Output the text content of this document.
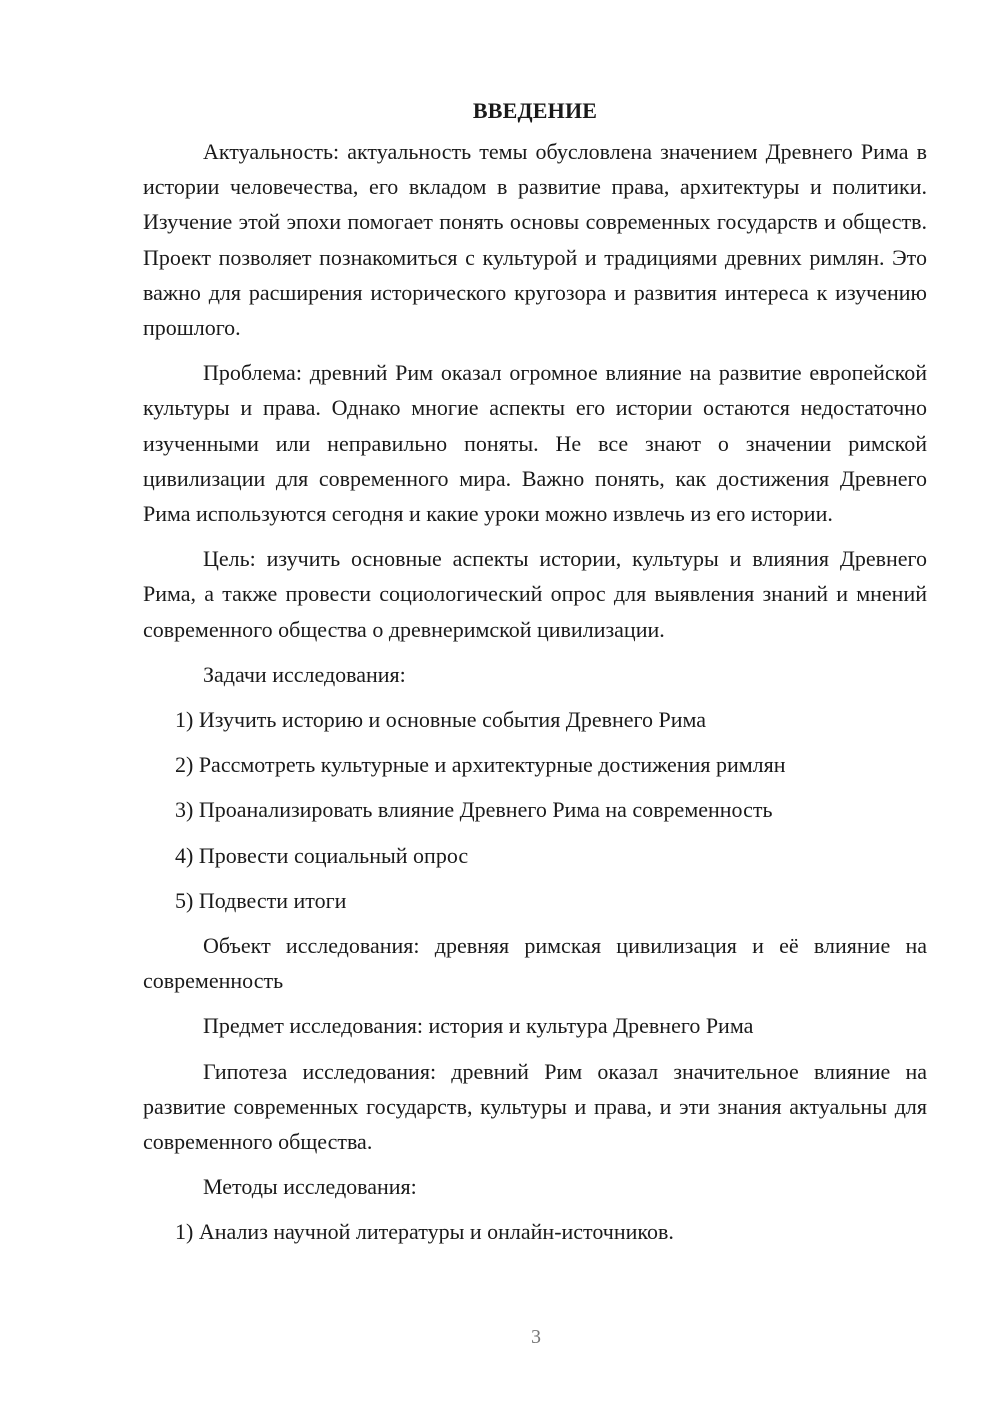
ВВЕДЕНИЕ

Актуальность: актуальность темы обусловлена значением Древнего Рима в истории человечества, его вкладом в развитие права, архитектуры и политики. Изучение этой эпохи помогает понять основы современных государств и обществ. Проект позволяет познакомиться с культурой и традициями древних римлян. Это важно для расширения исторического кругозора и развития интереса к изучению прошлого.

Проблема: древний Рим оказал огромное влияние на развитие европейской культуры и права. Однако многие аспекты его истории остаются недостаточно изученными или неправильно поняты. Не все знают о значении римской цивилизации для современного мира. Важно понять, как достижения Древнего Рима используются сегодня и какие уроки можно извлечь из его истории.

Цель: изучить основные аспекты истории, культуры и влияния Древнего Рима, а также провести социологический опрос для выявления знаний и мнений современного общества о древнеримской цивилизации.

Задачи исследования:

1) Изучить историю и основные события Древнего Рима

2) Рассмотреть культурные и архитектурные достижения римлян

3) Проанализировать влияние Древнего Рима на современность

4) Провести социальный опрос

5) Подвести итоги

Объект исследования: древняя римская цивилизация и её влияние на современность

Предмет исследования: история и культура Древнего Рима

Гипотеза исследования: древний Рим оказал значительное влияние на развитие современных государств, культуры и права, и эти знания актуальны для современного общества.

Методы исследования:

1) Анализ научной литературы и онлайн-источников.

3
